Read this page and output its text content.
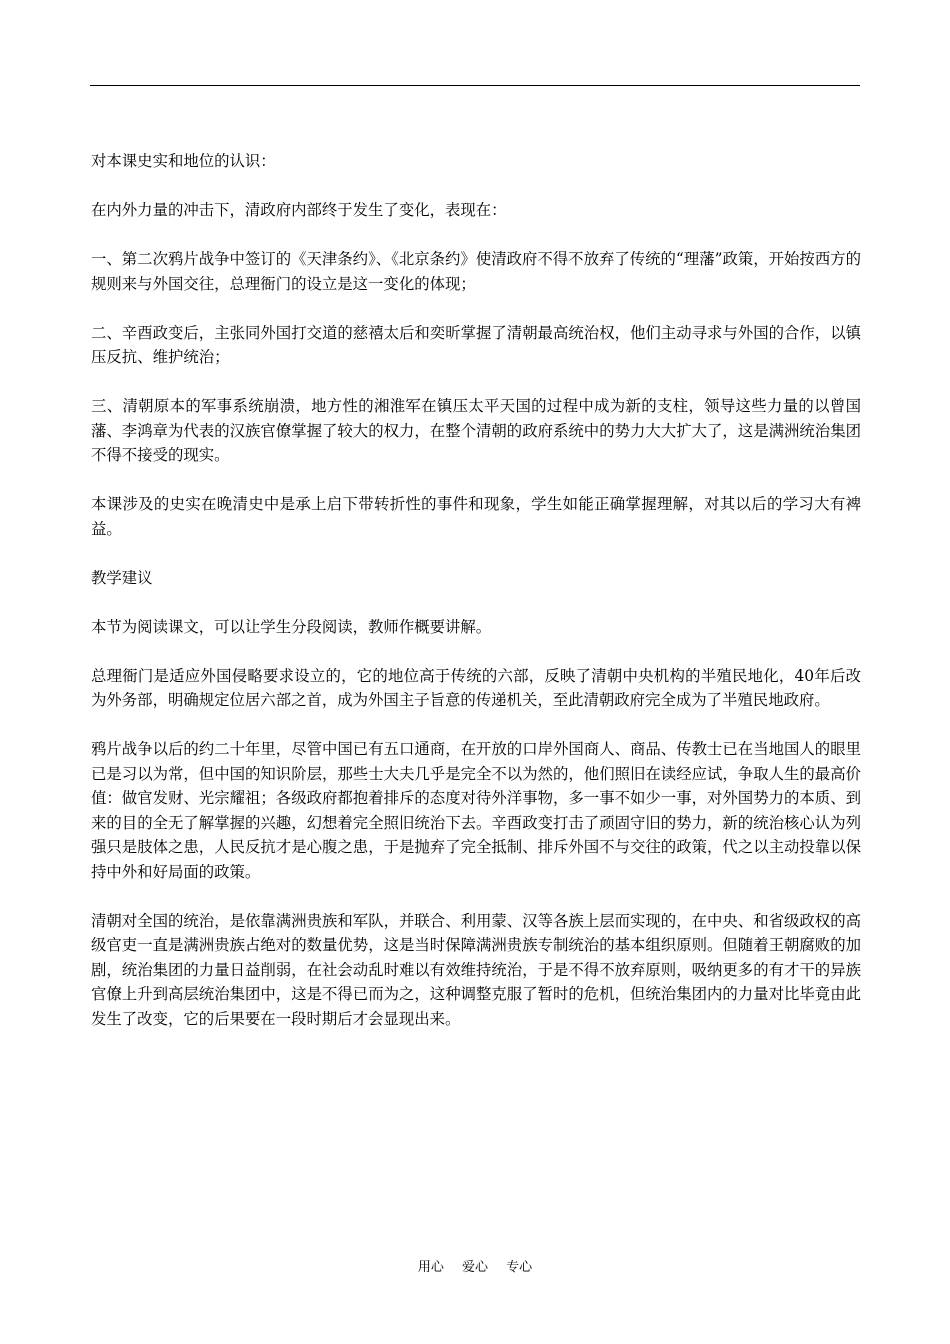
对本课史实和地位的认识：

在内外力量的冲击下，清政府内部终于发生了变化，表现在：

一、第二次鸦片战争中签订的《天津条约》、《北京条约》使清政府不得不放弃了传统的“理藩”政策，开始按西方的规则来与外国交往，总理衙门的设立是这一变化的体现；

二、辛酉政变后，主张同外国打交道的慈禧太后和奕昕掌握了清朝最高统治权，他们主动寻求与外国的合作，以镇压反抗、维护统治；

三、清朝原本的军事系统崩溃，地方性的湘淮军在镇压太平天国的过程中成为新的支柱，领导这些力量的以曾国藩、李鸿章为代表的汉族官僚掌握了较大的权力，在整个清朝的政府系统中的势力大大扩大了，这是满洲统治集团不得不接受的现实。

本课涉及的史实在晚清史中是承上启下带转折性的事件和现象，学生如能正确掌握理解，对其以后的学习大有裨益。

教学建议

本节为阅读课文，可以让学生分段阅读，教师作概要讲解。

总理衙门是适应外国侵略要求设立的，它的地位高于传统的六部，反映了清朝中央机构的半殖民地化，40年后改为外务部，明确规定位居六部之首，成为外国主子旨意的传递机关，至此清朝政府完全成为了半殖民地政府。

鸦片战争以后的约二十年里，尽管中国已有五口通商，在开放的口岸外国商人、商品、传教士已在当地国人的眼里已是习以为常，但中国的知识阶层，那些士大夫几乎是完全不以为然的，他们照旧在读经应试，争取人生的最高价值：做官发财、光宗耀祖；各级政府都抱着排斥的态度对待外洋事物，多一事不如少一事，对外国势力的本质、到来的目的全无了解掌握的兴趣，幻想着完全照旧统治下去。辛酉政变打击了顽固守旧的势力，新的统治核心认为列强只是肢体之患，人民反抗才是心腹之患，于是抛弃了完全抵制、排斥外国不与交往的政策，代之以主动投靠以保持中外和好局面的政策。

清朝对全国的统治，是依靠满洲贵族和军队，并联合、利用蒙、汉等各族上层而实现的，在中央、和省级政权的高级官吏一直是满洲贵族占绝对的数量优势，这是当时保障满洲贵族专制统治的基本组织原则。但随着王朝腐败的加剧，统治集团的力量日益削弱，在社会动乱时难以有效维持统治，于是不得不放弃原则，吸纳更多的有才干的异族官僚上升到高层统治集团中，这是不得已而为之，这种调整克服了暂时的危机，但统治集团内的力量对比毕竟由此发生了改变，它的后果要在一段时期后才会显现出来。

用心 爱心 专心
